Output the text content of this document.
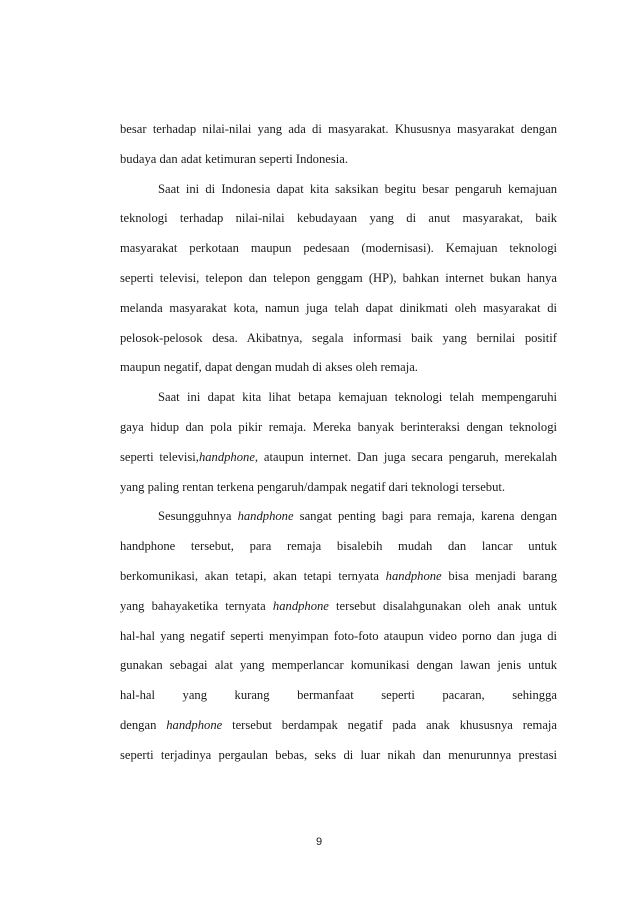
besar terhadap nilai-nilai yang ada di masyarakat. Khususnya masyarakat dengan
budaya dan adat ketimuran seperti Indonesia.
Saat ini di Indonesia dapat kita saksikan begitu besar pengaruh kemajuan
teknologi terhadap nilai-nilai kebudayaan yang di anut masyarakat, baik
masyarakat perkotaan maupun pedesaan (modernisasi). Kemajuan teknologi
seperti televisi, telepon dan telepon genggam (HP), bahkan internet bukan hanya
melanda masyarakat kota, namun juga telah dapat dinikmati oleh masyarakat di
pelosok-pelosok desa. Akibatnya, segala informasi baik yang bernilai positif
maupun negatif, dapat dengan mudah di akses oleh remaja.
Saat ini dapat kita lihat betapa kemajuan teknologi telah mempengaruhi
gaya hidup dan pola pikir remaja. Mereka banyak berinteraksi dengan teknologi
seperti televisi,handphone, ataupun internet. Dan juga secara pengaruh, merekalah
yang paling rentan terkena pengaruh/dampak negatif dari teknologi tersebut.
Sesungguhnya handphone sangat penting bagi para remaja, karena dengan
handphone tersebut, para remaja bisalebih mudah dan lancar untuk
berkomunikasi, akan tetapi, akan tetapi ternyata handphone bisa menjadi barang
yang bahayaketika ternyata handphone tersebut disalahgunakan oleh anak untuk
hal-hal yang negatif seperti menyimpan foto-foto ataupun video porno dan juga di
gunakan sebagai alat yang memperlancar komunikasi dengan lawan jenis untuk
hal-hal yang kurang bermanfaat seperti pacaran, sehingga
dengan handphone tersebut berdampak negatif pada anak khususnya remaja
seperti terjadinya pergaulan bebas, seks di luar nikah dan menurunnya prestasi
9
